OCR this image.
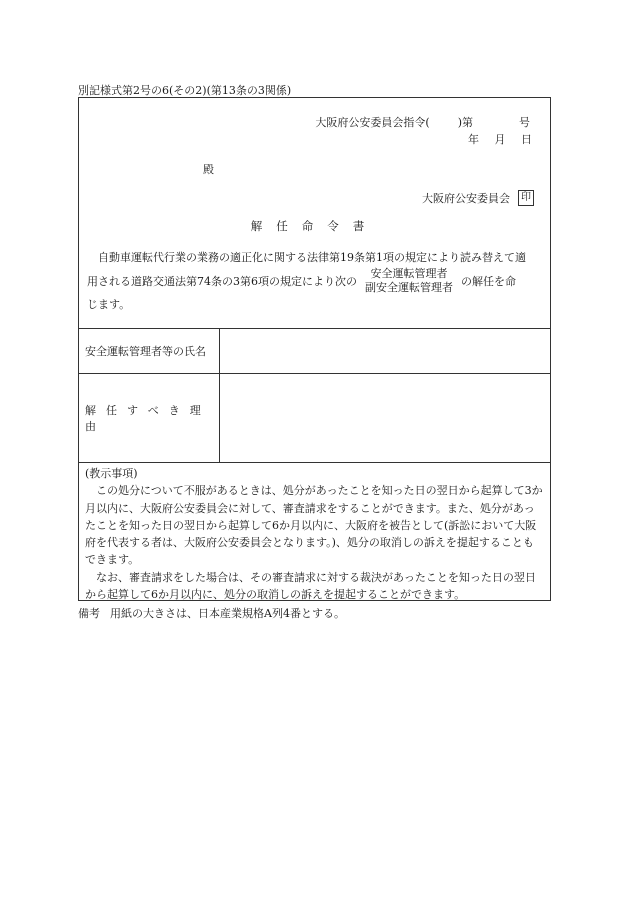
別記様式第2号の6(その2)(第13条の3関係)
大阪府公安委員会指令(	)第	号
年 月 日
殿
大阪府公安委員会	印
解任命令書
自動車運転代行業の業務の適正化に関する法律第19条第1項の規定により読み替えて適
用される道路交通法第74条の3第6項の規定により次の
安全運転管理者
副安全運転管理者 の解任を命
じます。
安全運転管理者等の氏名
解任すべき理由
(教示事項)
この処分について不服があるときは、処分があったことを知った日の翌日から起算して3か月以内に、大阪府公安委員会に対して、審査請求をすることができます。また、処分があったことを知った日の翌日から起算して6か月以内に、大阪府を被告として(訴訟において大阪府を代表する者は、大阪府公安委員会となります。)、処分の取消しの訴えを提起することもできます。
なお、審査請求をした場合は、その審査請求に対する裁決があったことを知った日の翌日から起算して6か月以内に、処分の取消しの訴えを提起することができます。
備考 用紙の大きさは、日本産業規格A列4番とする。
